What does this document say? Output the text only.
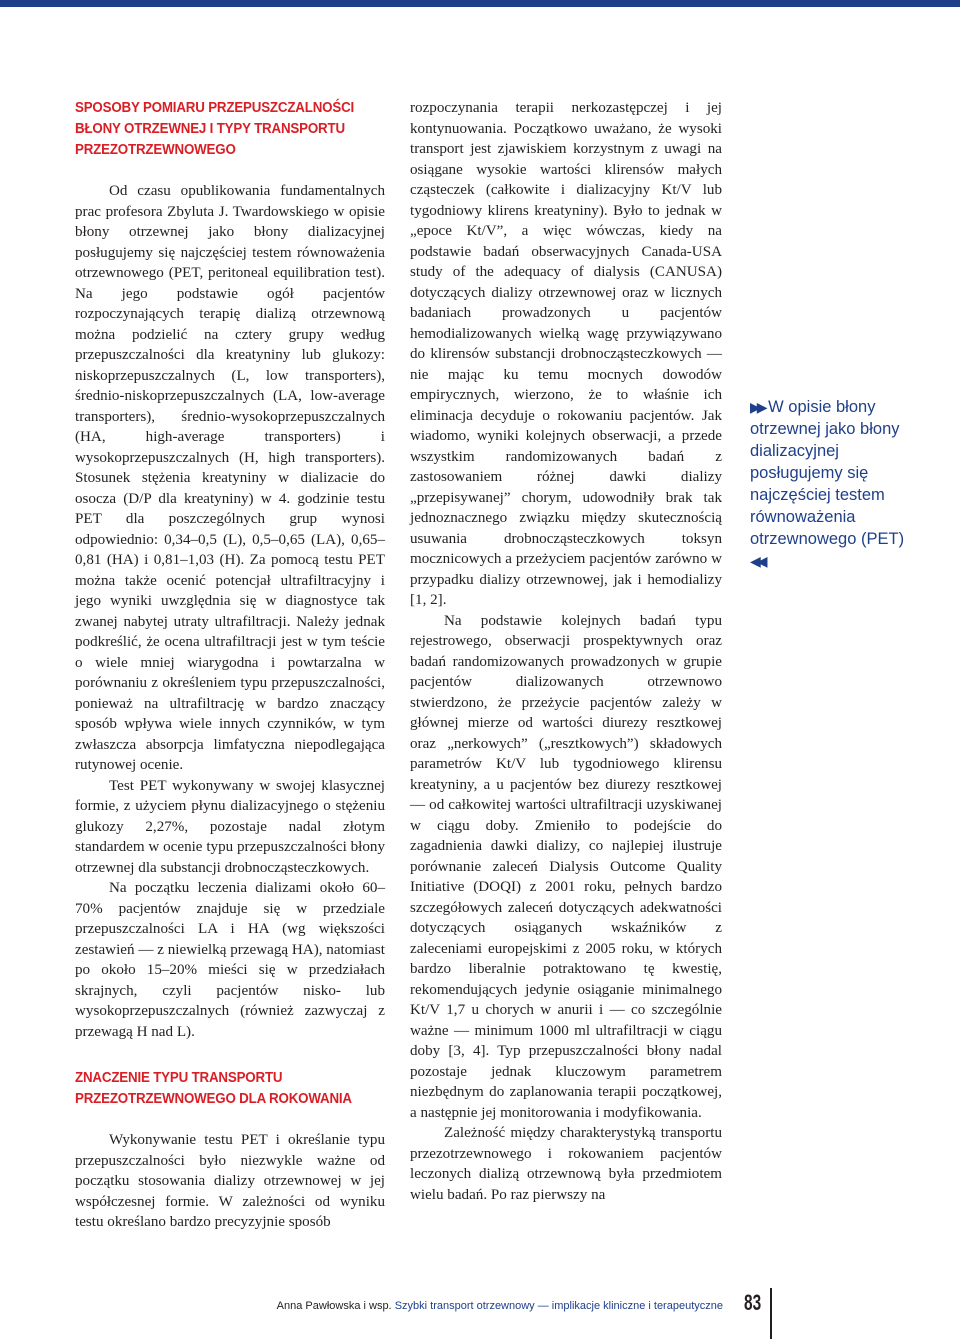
SPOSOBY POMIARU PRZEPUSZCZALNOŚCI
BŁONY OTRZEWNEJ I TYPY TRANSPORTU
PRZEZOTRZEWNOWEGO

Od czasu opublikowania fundamentalnych prac profesora Zbyluta J. Twardowskiego w opisie błony otrzewnej jako błony dializacyjnej posługujemy się najczęściej testem równoważenia otrzewnowego (PET, peritoneal equilibration test). Na jego podstawie ogół pacjentów rozpoczynających terapię dializą otrzewnową można podzielić na cztery grupy według przepuszczalności dla kreatyniny lub glukozy: niskoprzepuszczalnych (L, low transporters), średnio-niskoprzepuszczalnych (LA, low-average transporters), średnio-wysokoprzepuszczalnych (HA, high-average transporters) i wysokoprzepuszczalnych (H, high transporters). Stosunek stężenia kreatyniny w dializacie do osocza (D/P dla kreatyniny) w 4. godzinie testu PET dla poszczególnych grup wynosi odpowiednio: 0,34–0,5 (L), 0,5–0,65 (LA), 0,65–0,81 (HA) i 0,81–1,03 (H). Za pomocą testu PET można także ocenić potencjał ultrafiltracyjny i jego wyniki uwzględnia się w diagnostyce tak zwanej nabytej utraty ultrafiltracji. Należy jednak podkreślić, że ocena ultrafiltracji jest w tym teście o wiele mniej wiarygodna i powtarzalna w porównaniu z określeniem typu przepuszczalności, ponieważ na ultrafiltrację w bardzo znaczący sposób wpływa wiele innych czynników, w tym zwłaszcza absorpcja limfatyczna niepodlegająca rutynowej ocenie.

Test PET wykonywany w swojej klasycznej formie, z użyciem płynu dializacyjnego o stężeniu glukozy 2,27%, pozostaje nadal złotym standardem w ocenie typu przepuszczalności błony otrzewnej dla substancji drobnocząsteczkowych.

Na początku leczenia dializami około 60–70% pacjentów znajduje się w przedziale przepuszczalności LA i HA (wg większości zestawień — z niewielką przewagą HA), natomiast po około 15–20% mieści się w przedziałach skrajnych, czyli pacjentów nisko- lub wysokoprzepuszczalnych (również zazwyczaj z przewagą H nad L).

ZNACZENIE TYPU TRANSPORTU
PRZEZOTRZEWNOWEGO DLA ROKOWANIA

Wykonywanie testu PET i określanie typu przepuszczalności było niezwykle ważne od początku stosowania dializy otrzewnowej w jej współczesnej formie. W zależności od wyniku testu określano bardzo precyzyjnie sposób

rozpoczynania terapii nerkozastępczej i jej kontynuowania. Początkowo uważano, że wysoki transport jest zjawiskiem korzystnym z uwagi na osiągane wysokie wartości klirensów małych cząsteczek (całkowite i dializacyjny Kt/V lub tygodniowy klirens kreatyniny). Było to jednak w „epoce Kt/V”, a więc wówczas, kiedy na podstawie badań obserwacyjnych Canada-USA study of the adequacy of dialysis (CANUSA) dotyczących dializy otrzewnowej oraz w licznych badaniach prowadzonych u pacjentów hemodializowanych wielką wagę przywiązywano do klirensów substancji drobnocząsteczkowych — nie mając ku temu mocnych dowodów empirycznych, wierzono, że to właśnie ich eliminacja decyduje o rokowaniu pacjentów. Jak wiadomo, wyniki kolejnych obserwacji, a przede wszystkim randomizowanych badań z zastosowaniem różnej dawki dializy „przepisywanej” chorym, udowodniły brak tak jednoznacznego związku między skutecznością usuwania drobnocząsteczkowych toksyn mocznicowych a przeżyciem pacjentów zarówno w przypadku dializy otrzewnowej, jak i hemodializy [1, 2].

Na podstawie kolejnych badań typu rejestrowego, obserwacji prospektywnych oraz badań randomizowanych prowadzonych w grupie pacjentów dializowanych otrzewnowo stwierdzono, że przeżycie pacjentów zależy w głównej mierze od wartości diurezy resztkowej oraz „nerkowych” („resztkowych”) składowych parametrów Kt/V lub tygodniowego klirensu kreatyniny, a u pacjentów bez diurezy resztkowej — od całkowitej wartości ultrafiltracji uzyskiwanej w ciągu doby. Zmieniło to podejście do zagadnienia dawki dializy, co najlepiej ilustruje porównanie zaleceń Dialysis Outcome Quality Initiative (DOQI) z 2001 roku, pełnych bardzo szczegółowych zaleceń dotyczących adekwatności dotyczących osiąganych wskaźników z zaleceniami europejskimi z 2005 roku, w których bardzo liberalnie potraktowano tę kwestię, rekomendujących jedynie osiąganie minimalnego Kt/V 1,7 u chorych w anurii i — co szczególnie ważne — minimum 1000 ml ultrafiltracji w ciągu doby [3, 4]. Typ przepuszczalności błony nadal pozostaje jednak kluczowym parametrem niezbędnym do zaplanowania terapii początkowej, a następnie jej monitorowania i modyfikowania.

Zależność między charakterystyką transportu przezotrzewnowego i rokowaniem pacjentów leczonych dializą otrzewnową była przedmiotem wielu badań. Po raz pierwszy na

▶▶ W opisie błony otrzewnej jako błony dializacyjnej posługujemy się najczęściej testem równoważenia otrzewnowego (PET) ◀◀
Anna Pawłowska i wsp. Szybki transport otrzewnowy — implikacje kliniczne i terapeutyczne 83
